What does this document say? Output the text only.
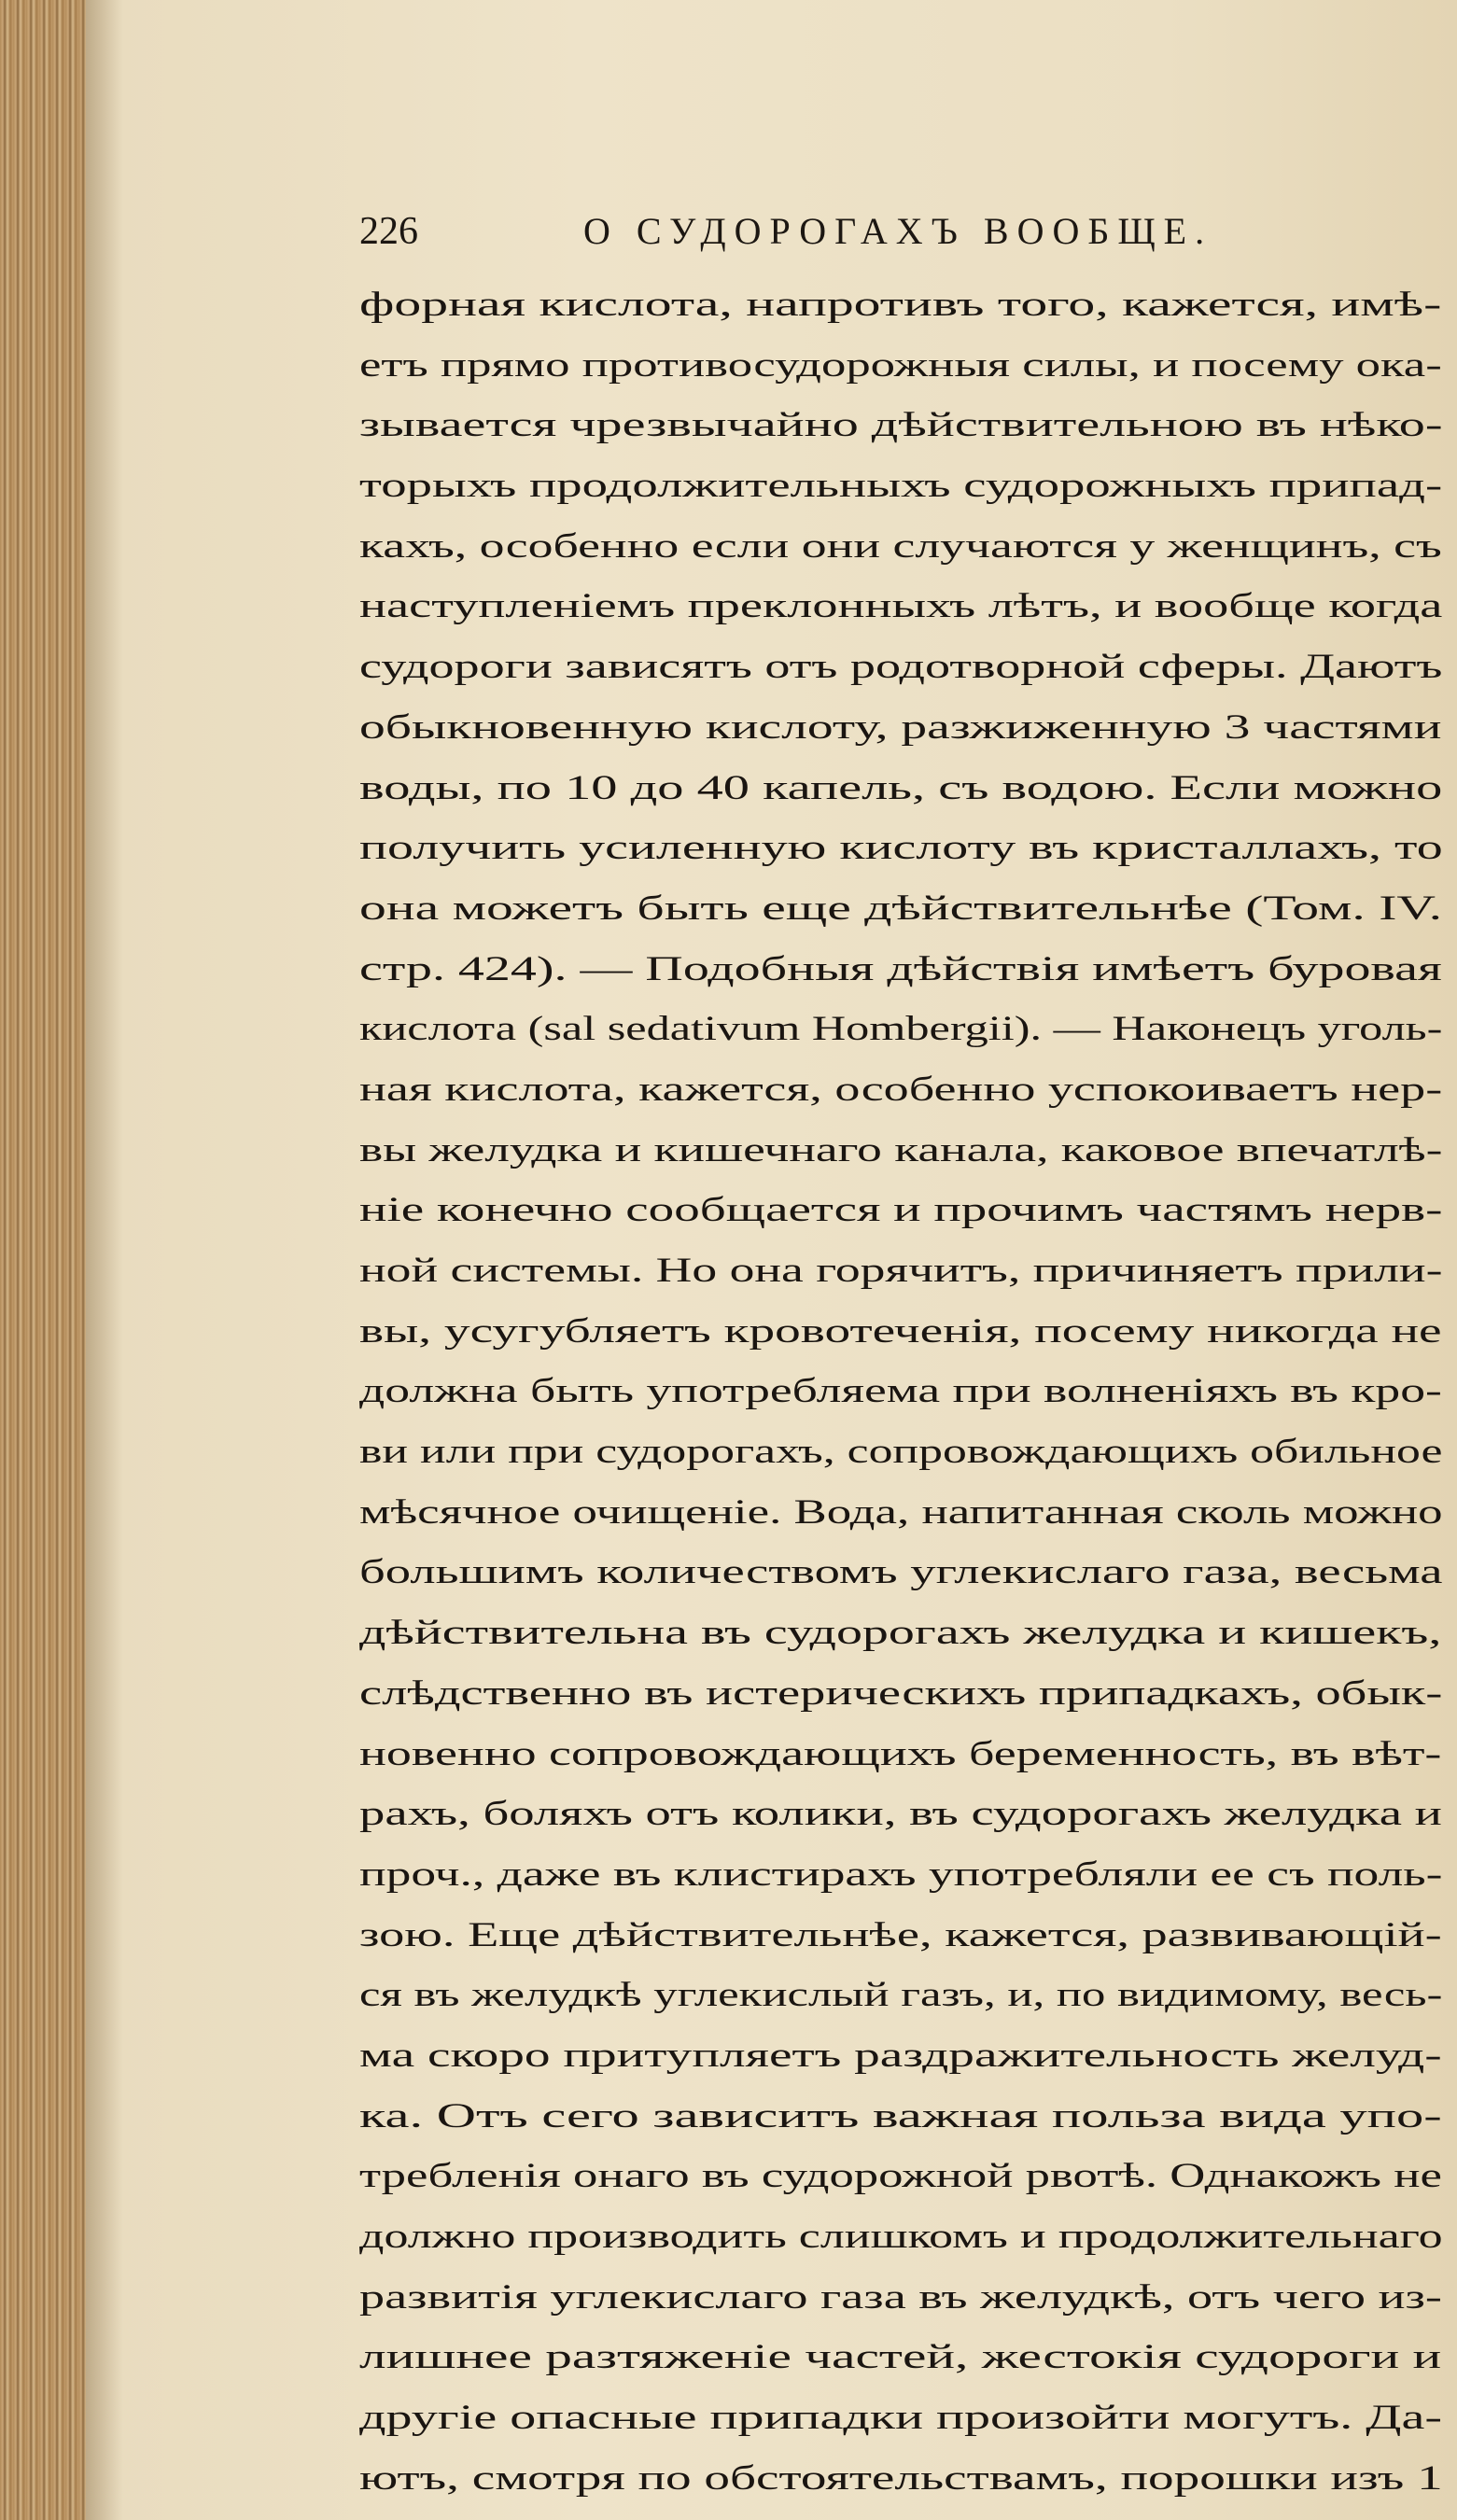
226	О СУДОРОГАХЪ ВООБЩЕ.
форная кислота, напротивъ того, кажется, имѣ-
етъ прямо противосудорожныя силы, и посему ока-
зывается чрезвычайно дѣйствительною въ нѣко-
торыхъ продолжительныхъ судорожныхъ припад-
кахъ, особенно если они случаются у женщинъ, съ
наступленіемъ преклонныхъ лѣтъ, и вообще когда
судороги зависятъ отъ родотворной сферы. Даютъ
обыкновенную кислоту, разжиженную 3 частями
воды, по 10 до 40 капель, съ водою. Если можно
получить усиленную кислоту въ кристаллахъ, то
она можетъ быть еще дѣйствительнѣе (Том. IV.
стр. 424). — Подобныя дѣйствія имѣетъ буровая
кислота (sal sedativum Hombergii). — Наконецъ уголь-
ная кислота, кажется, особенно успокоиваетъ нер-
вы желудка и кишечнаго канала, каковое впечатлѣ-
ніе конечно сообщается и прочимъ частямъ нерв-
ной системы. Но она горячитъ, причиняетъ прили-
вы, усугубляетъ кровотеченія, посему никогда не
должна быть употребляема при волненіяхъ въ кро-
ви или при судорогахъ, сопровождающихъ обильное
мѣсячное очищеніе. Вода, напитанная сколь можно
большимъ количествомъ углекислаго газа, весьма
дѣйствительна въ судорогахъ желудка и кишекъ,
слѣдственно въ истерическихъ припадкахъ, обык-
новенно сопровождающихъ беременность, въ вѣт-
рахъ, боляхъ отъ колики, въ судорогахъ желудка и
проч., даже въ клистирахъ употребляли ее съ поль-
зою. Еще дѣйствительнѣе, кажется, развивающій-
ся въ желудкѣ углекислый газъ, и, по видимому, весь-
ма скоро притупляетъ раздражительность желуд-
ка. Отъ сего зависитъ важная польза вида упо-
требленія онаго въ судорожной рвотѣ. Однакожъ не
должно производить слишкомъ и продолжительнаго
развитія углекислаго газа въ желудкѣ, отъ чего из-
лишнее разтяженіе частей, жестокія судороги и
другіе опасные припадки произойти могутъ. Да-
ютъ, смотря по обстоятельствамъ, порошки изъ 1
